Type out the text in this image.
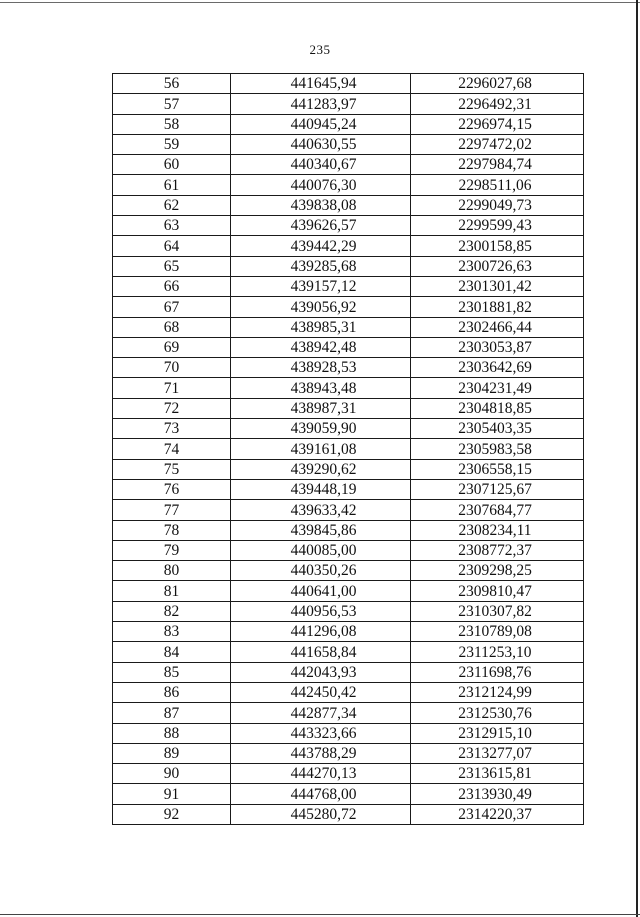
235
56	441645,94	2296027,68
57	441283,97	2296492,31
58	440945,24	2296974,15
59	440630,55	2297472,02
60	440340,67	2297984,74
61	440076,30	2298511,06
62	439838,08	2299049,73
63	439626,57	2299599,43
64	439442,29	2300158,85
65	439285,68	2300726,63
66	439157,12	2301301,42
67	439056,92	2301881,82
68	438985,31	2302466,44
69	438942,48	2303053,87
70	438928,53	2303642,69
71	438943,48	2304231,49
72	438987,31	2304818,85
73	439059,90	2305403,35
74	439161,08	2305983,58
75	439290,62	2306558,15
76	439448,19	2307125,67
77	439633,42	2307684,77
78	439845,86	2308234,11
79	440085,00	2308772,37
80	440350,26	2309298,25
81	440641,00	2309810,47
82	440956,53	2310307,82
83	441296,08	2310789,08
84	441658,84	2311253,10
85	442043,93	2311698,76
86	442450,42	2312124,99
87	442877,34	2312530,76
88	443323,66	2312915,10
89	443788,29	2313277,07
90	444270,13	2313615,81
91	444768,00	2313930,49
92	445280,72	2314220,37
